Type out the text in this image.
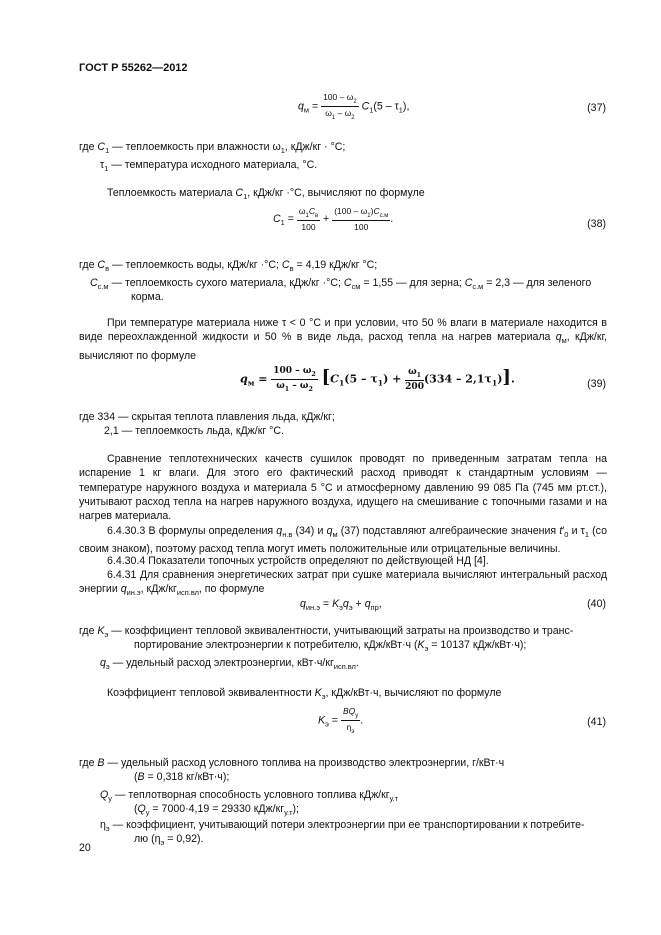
ГОСТ Р 55262—2012
$q_м = \frac{100 - \omega_2}{\omega_1 - \omega_2} C_1(5 - \tau_1)$,	(37)
где $C_1$ — теплоемкость при влажности $\omega_1$, кДж/кг · °С;
$\tau_1$ — температура исходного материала, °С.
Теплоемкость материала $C_1$, кДж/кг ·°С, вычисляют по формуле
$C_1 = \frac{\omega_1C_в}{100} + \frac{(100 - \omega_1)C_{с.м}}{100}$ .	(38)
где $C_в$ — теплоемкость воды, кДж/кг ·°С; $C_в = 4,19$ кДж/кг °С;
$C_{с.м}$ — теплоемкость сухого материала, кДж/кг ·°С; $C_{см} = 1,55$ — для зерна; $C_{с.м} = 2,3$ — для зеленого
корма.
При температуре материала ниже τ < 0 °С и при условии, что 50 % влаги в материале находится в виде переохлажденной жидкости и 50 % в виде льда, расход тепла на нагрев материала $q_м$, кДж/кг, вычисляют по формуле
$q_м = \frac{100 - \omega_2}{\omega_1 - \omega_2} [C_1(5 - \tau_1) + \frac{\omega_1}{200} (334 - 2,1\tau_1)]$.	(39)
где 334 — скрытая теплота плавления льда, кДж/кг;
2,1 — теплоемкость льда, кДж/кг °С.
Сравнение теплотехнических качеств сушилок проводят по приведенным затратам тепла на испарение 1 кг влаги. Для этого его фактический расход приводят к стандартным условиям — температуре наружного воздуха и материала 5 °С и атмосферному давлению 99 085 Па (745 мм рт.ст.), учитывают расход тепла на нагрев наружного воздуха, идущего на смешивание с топочными газами и на нагрев материала.
6.4.30.3 В формулы определения $q_{н.в}$ (34) и $q_м$ (37) подставляют алгебраические значения $t'_0$ и $\tau_1$ (со своим знаком), поэтому расход тепла могут иметь положительные или отрицательные величины.
6.4.30.4 Показатели топочных устройств определяют по действующей НД [4].
6.4.31 Для сравнения энергетических затрат при сушке материала вычисляют интегральный расход энергии $q_{ин.э}$, кДж/$кг_{исп.вл}$, по формуле
$q_{ин.э} = K_эq_э + q_{пр}$,	(40)
где $K_э$ — коэффициент тепловой эквивалентности, учитывающий затраты на производство и транс-
портирование электроэнергии к потребителю, кДж/кВт·ч ($K_э = 10137$ кДж/кВт·ч);
$q_э$ — удельный расход электроэнергии, $кВт\cdot ч/кг_{исп.вл}$.
Коэффициент тепловой эквивалентности $K_э$, кДж/кВт·ч, вычисляют по формуле
$K_э = \frac{BQ_у}{\eta_э}$ .	(41)
где B — удельный расход условного топлива на производство электроэнергии, г/кВт·ч
(B = 0,318 кг/кВт·ч);
$Q_у$ — теплотворная способность условного топлива кДж/$кг_{у.т}$
($Q_у = 7000\cdot 4,19 = 29330$ кДж/$кг_{у.т}$);
$\eta_э$ — коэффициент, учитывающий потери электроэнергии при ее транспортировании к потребите-
лю $(\eta_э = 0,92)$.
20
